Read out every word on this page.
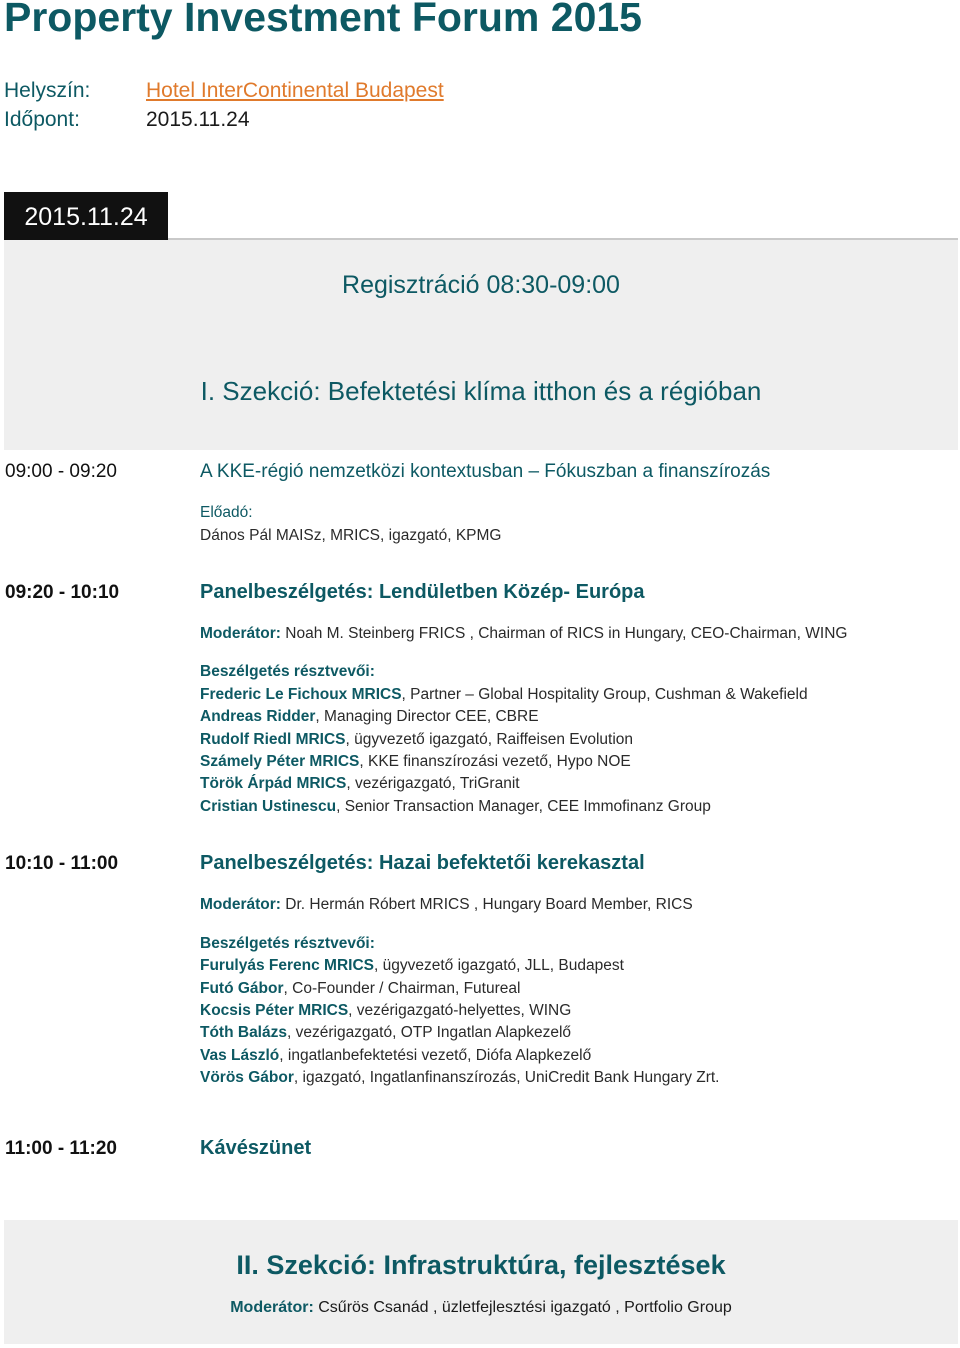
Property Investment Forum 2015
Helyszín:	Hotel InterContinental Budapest
Időpont:	2015.11.24
2015.11.24
Regisztráció 08:30-09:00
I. Szekció: Befektetési klíma itthon és a régióban
09:00 - 09:20	A KKE-régió nemzetközi kontextusban – Fókuszban a finanszírozás
Előadó:
Dános Pál MAISz, MRICS, igazgató, KPMG
09:20 - 10:10	Panelbeszélgetés: Lendületben Közép- Európa
Moderátor: Noah M. Steinberg FRICS , Chairman of RICS in Hungary, CEO-Chairman, WING
Beszélgetés résztvevői:
Frederic Le Fichoux MRICS, Partner – Global Hospitality Group, Cushman & Wakefield
Andreas Ridder, Managing Director CEE, CBRE
Rudolf Riedl MRICS, ügyvezető igazgató, Raiffeisen Evolution
Számely Péter MRICS, KKE finanszírozási vezető, Hypo NOE
Török Árpád MRICS, vezérigazgató, TriGranit
Cristian Ustinescu, Senior Transaction Manager, CEE Immofinanz Group
10:10 - 11:00	Panelbeszélgetés: Hazai befektetői kerekasztal
Moderátor: Dr. Hermán Róbert MRICS , Hungary Board Member, RICS
Beszélgetés résztvevői:
Furulyás Ferenc MRICS, ügyvezető igazgató, JLL, Budapest
Futó Gábor, Co-Founder / Chairman, Futureal
Kocsis Péter MRICS, vezérigazgató-helyettes, WING
Tóth Balázs, vezérigazgató, OTP Ingatlan Alapkezelő
Vas László, ingatlanbefektetési vezető, Diófa Alapkezelő
Vörös Gábor, igazgató, Ingatlanfinanszírozás, UniCredit Bank Hungary Zrt.
11:00 - 11:20	Kávészünet
II. Szekció: Infrastruktúra, fejlesztések
Moderátor: Csűrös Csanád , üzletfejlesztési igazgató , Portfolio Group
